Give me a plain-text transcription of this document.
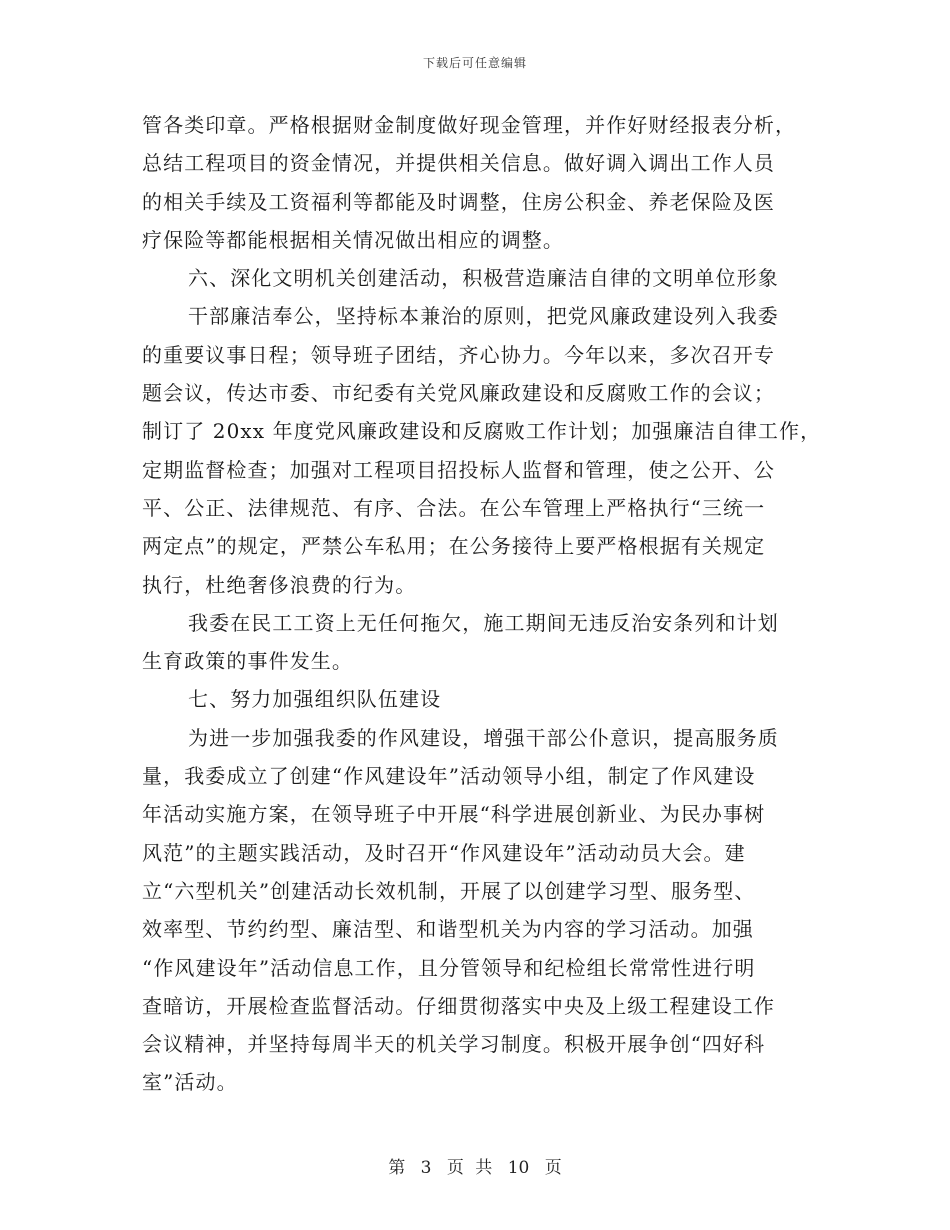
下载后可任意编辑
管各类印章。严格根据财金制度做好现金管理，并作好财经报表分析，
总结工程项目的资金情况，并提供相关信息。做好调入调出工作人员
的相关手续及工资福利等都能及时调整，住房公积金、养老保险及医
疗保险等都能根据相关情况做出相应的调整。
六、深化文明机关创建活动，积极营造廉洁自律的文明单位形象
干部廉洁奉公，坚持标本兼治的原则，把党风廉政建设列入我委
的重要议事日程；领导班子团结，齐心协力。今年以来，多次召开专
题会议，传达市委、市纪委有关党风廉政建设和反腐败工作的会议；
制订了 20xx 年度党风廉政建设和反腐败工作计划；加强廉洁自律工作，
定期监督检查；加强对工程项目招投标人监督和管理，使之公开、公
平、公正、法律规范、有序、合法。在公车管理上严格执行“三统一
两定点”的规定，严禁公车私用；在公务接待上要严格根据有关规定
执行，杜绝奢侈浪费的行为。
我委在民工工资上无任何拖欠，施工期间无违反治安条列和计划
生育政策的事件发生。
七、努力加强组织队伍建设
为进一步加强我委的作风建设，增强干部公仆意识，提高服务质
量，我委成立了创建“作风建设年”活动领导小组，制定了作风建设
年活动实施方案，在领导班子中开展“科学进展创新业、为民办事树
风范”的主题实践活动，及时召开“作风建设年”活动动员大会。建
立“六型机关”创建活动长效机制，开展了以创建学习型、服务型、
效率型、节约约型、廉洁型、和谐型机关为内容的学习活动。加强
“作风建设年”活动信息工作，且分管领导和纪检组长常常性进行明
查暗访，开展检查监督活动。仔细贯彻落实中央及上级工程建设工作
会议精神，并坚持每周半天的机关学习制度。积极开展争创“四好科
室”活动。
第 3 页 共 10 页
